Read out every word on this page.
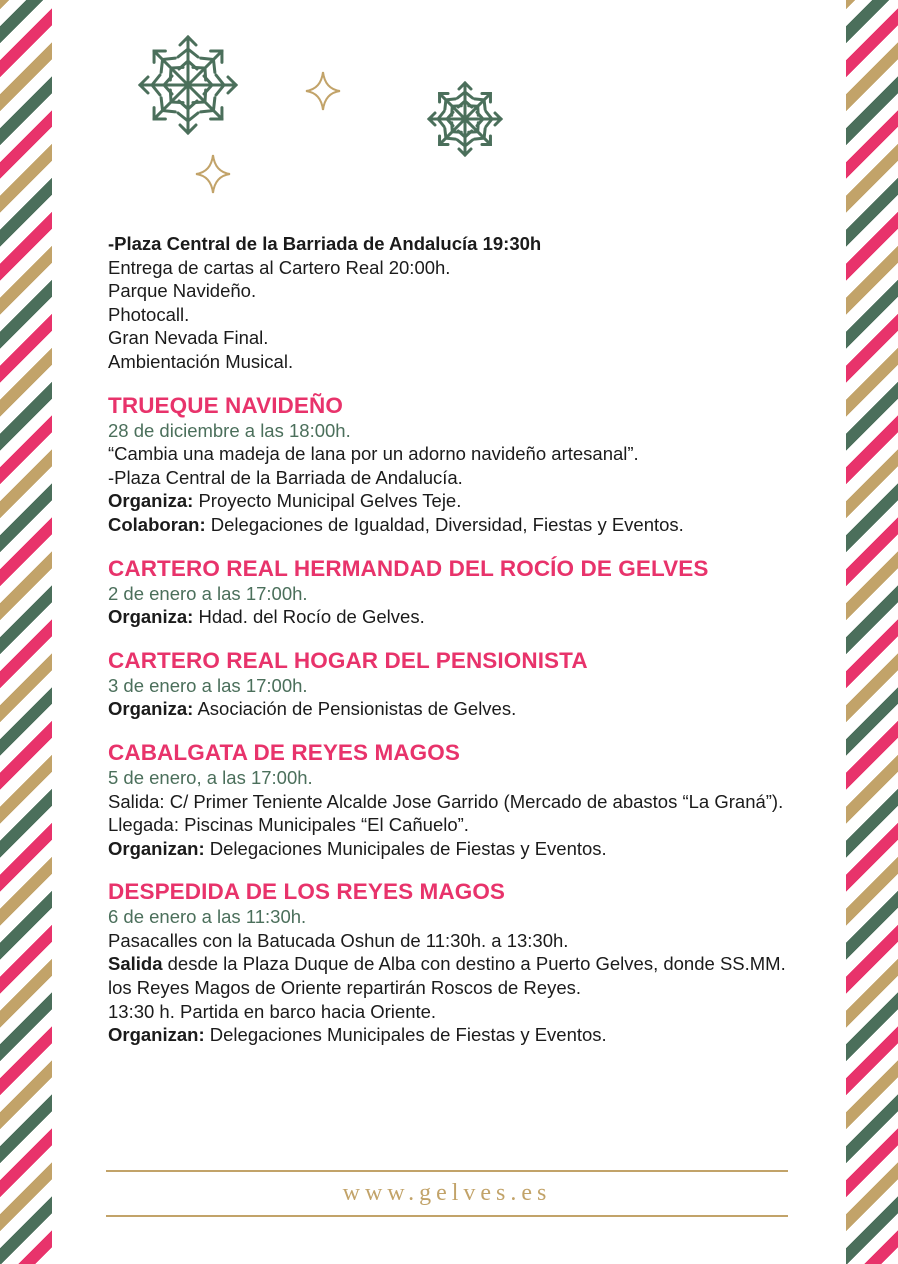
-Plaza Central de la Barriada de Andalucía 19:30h

Entrega de cartas al Cartero Real 20:00h.

Parque Navideño.

Photocall.

Gran Nevada Final.

Ambientación Musical.

TRUEQUE NAVIDEÑO

28 de diciembre a las 18:00h.

“Cambia una madeja de lana por un adorno navideño artesanal”.

-Plaza Central de la Barriada de Andalucía.

Organiza: Proyecto Municipal Gelves Teje.

Colaboran: Delegaciones de Igualdad, Diversidad, Fiestas y Eventos.

CARTERO REAL HERMANDAD DEL ROCÍO DE GELVES

2 de enero a las 17:00h.

Organiza: Hdad. del Rocío de Gelves.

CARTERO REAL HOGAR DEL PENSIONISTA

3 de enero a las 17:00h.

Organiza: Asociación de Pensionistas de Gelves.

CABALGATA DE REYES MAGOS

5 de enero, a las 17:00h.

Salida: C/ Primer Teniente Alcalde Jose Garrido (Mercado de abastos “La Graná”).

Llegada: Piscinas Municipales “El Cañuelo”.

Organizan: Delegaciones Municipales de Fiestas y Eventos.

DESPEDIDA DE LOS REYES MAGOS

6 de enero a las 11:30h.

Pasacalles con la Batucada Oshun de 11:30h. a 13:30h.

Salida desde la Plaza Duque de Alba con destino a Puerto Gelves, donde SS.MM. los Reyes Magos de Oriente repartirán Roscos de Reyes.

13:30 h. Partida en barco hacia Oriente.

Organizan: Delegaciones Municipales de Fiestas y Eventos.

www.gelves.es
